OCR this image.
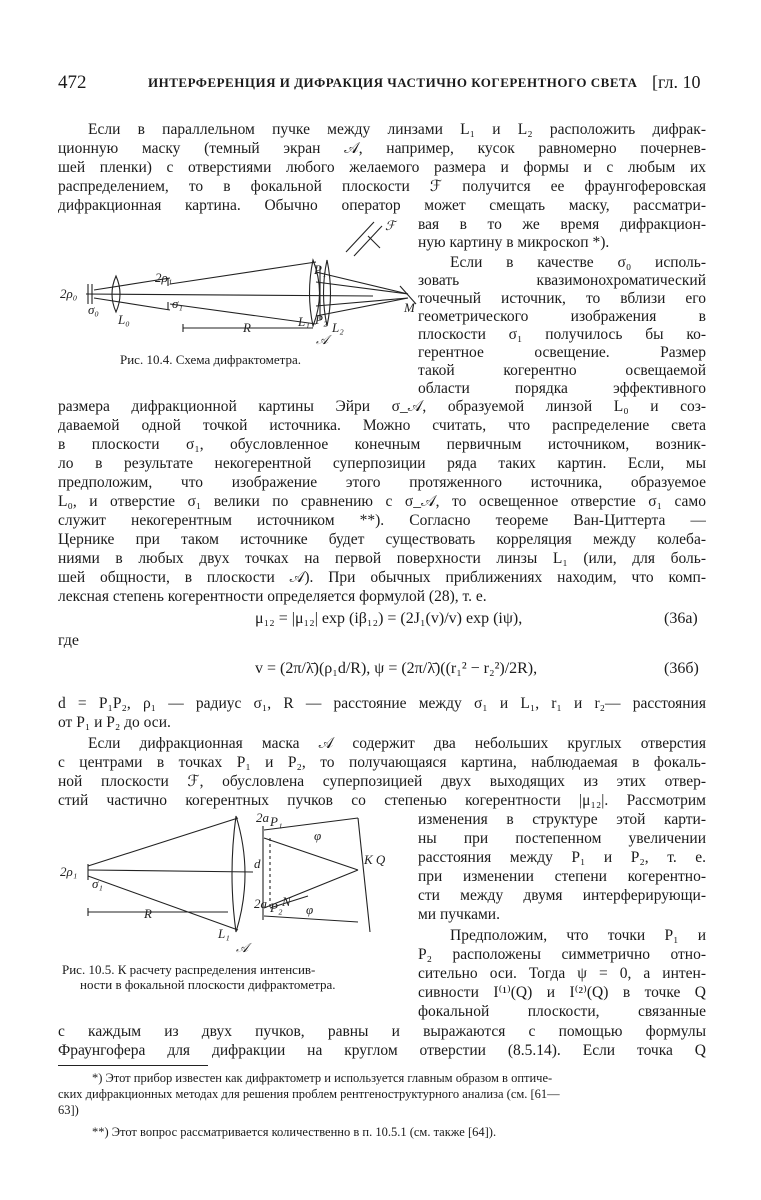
472	ИНТЕРФЕРЕНЦИЯ И ДИФРАКЦИЯ ЧАСТИЧНО КОГЕРЕНТНОГО СВЕТА [гл. 10
Если в параллельном пучке между линзами L₁ и L₂ расположить дифрак-
ционную маску (темный экран 𝒜, например, кусок равномерно почернев-
шей пленки) с отверстиями любого желаемого размера и формы и с любым их
распределением, то в фокальной плоскости ℱ получится ее фраунгоферовская
дифракционная картина. Обычно оператор может смещать маску, рассматри-
вая в то же время дифракцион-
ную картину в микроскоп *).
Если в качестве σ₀ исполь-
зовать квазимонохроматический
точечный источник, то вблизи его
геометрического изображения в
плоскости σ₁ получилось бы ко-
герентное освещение. Размер
такой когерентно освещаемой
области порядка эффективного
2ρ₀
σ₀
L₀
2ρ₁
σ₁
R
P₁
P₂
L₁ L₂
𝒜
ℱ
M
Рис. 10.4. Схема дифрактометра.
размера дифракционной картины Эйри σ_𝒜, образуемой линзой L₀ и соз-
даваемой одной точкой источника. Можно считать, что распределение света
в плоскости σ₁, обусловленное конечным первичным источником, возник-
ло в результате некогерентной суперпозиции ряда таких картин. Если, мы
предположим, что изображение этого протяженного источника, образуемое
L₀, и отверстие σ₁ велики по сравнению с σ_𝒜, то освещенное отверстие σ₁ само
служит некогерентным источником **). Согласно теореме Ван-Циттерта —
Цернике при таком источнике будет существовать корреляция между колеба-
ниями в любых двух точках на первой поверхности линзы L₁ (или, для боль-
шей общности, в плоскости 𝒜). При обычных приближениях находим, что комп-
лексная степень когерентности определяется формулой (28), т. е.
μ₁₂ = |μ₁₂| exp (iβ₁₂) = (2J₁(v)/v) exp (iψ),	(36а)
где
v = (2π/λ̄)(ρ₁d/R), ψ = (2π/λ̄)((r₁² − r₂²)/2R),	(36б)
d = P₁P₂, ρ₁ — радиус σ₁, R — расстояние между σ₁ и L₁, r₁ и r₂— расстояния
от P₁ и P₂ до оси.
Если дифракционная маска 𝒜 содержит два небольших круглых отверстия
с центрами в точках P₁ и P₂, то получающаяся картина, наблюдаемая в фокаль-
ной плоскости ℱ, обусловлена суперпозицией двух выходящих из этих отвер-
стий частично когерентных пучков со степенью когерентности |μ₁₂|. Рассмотрим
изменения в структуре этой карти-
ны при постепенном увеличении
расстояния между P₁ и P₂, т. е.
при изменении степени когерентно-
сти между двумя интерферирующи-
ми пучками.
Предположим, что точки P₁ и
P₂ расположены симметрично отно-
сительно оси. Тогда ψ = 0, а интен-
сивности I⁽¹⁾(Q) и I⁽²⁾(Q) в точке Q
фокальной плоскости, связанные
2ρ₁
σ₁
R
2a P₁
d
2a P₂ N
φ
φ
K Q
L₁
𝒜
Рис. 10.5. К расчету распределения интенсив-
ности в фокальной плоскости дифрактометра.
с каждым из двух пучков, равны и выражаются с помощью формулы
Фраунгофера для дифракции на круглом отверстии (8.5.14). Если точка Q
*) Этот прибор известен как дифрактометр и используется главным образом в оптиче-
ских дифракционных методах для решения проблем рентгеноструктурного анализа (см. [61—
63])
**) Этот вопрос рассматривается количественно в п. 10.5.1 (см. также [64]).
